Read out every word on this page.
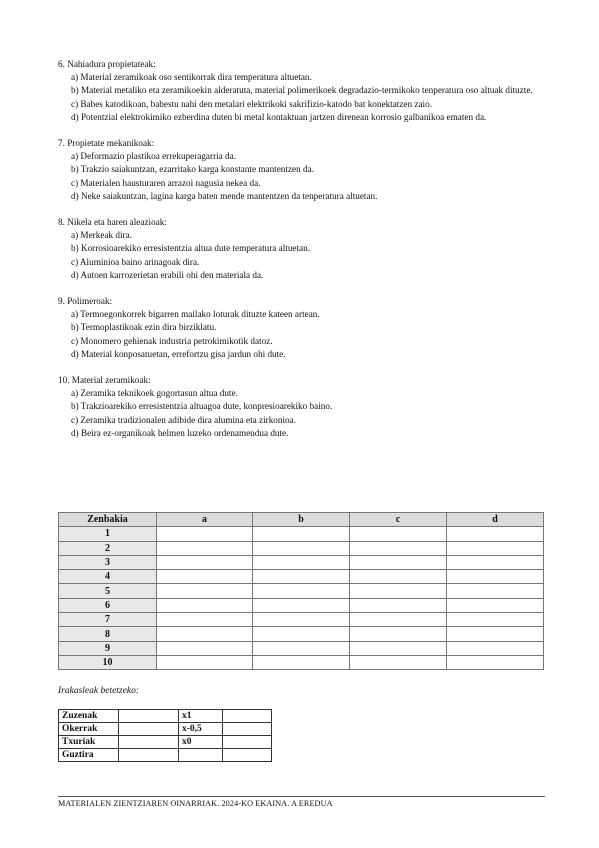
6. Nahiadura propietateak:
a) Material zeramikoak oso sentikorrak dira temperatura altuetan.
b) Material metaliko eta zeramikoekin alderatuta, material polimerikoek degradazio-termikoko tenperatura oso altuak dituzte.
c) Babes katodikoan, babestu nahi den metalari elektrikoki sakrifizio-katodo bat konektatzen zaio.
d) Potentzial elektrokimiko ezberdina duten bi metal kontaktuan jartzen direnean korrosio galbanikoa ematen da.
7. Propietate mekanikoak:
a) Deformazio plastikoa errekuperagarria da.
b) Trakzio saiakuntzan, ezarritako karga konstante mantentzen da.
c) Materialen hausturaren arrazoi nagusia nekea da.
d) Neke saiakuntzan, lagina karga baten mende mantentzen da tenperatura altuetan.
8. Nikela eta haren aleazioak:
a) Merkeak dira.
b) Korrosioarekiko erresistentzia altua dute temperatura altuetan.
c) Aluminioa baino arinagoak dira.
d) Autoen karrozerietan erabili ohi den materiala da.
9. Polimeroak:
a) Termoegonkorrek bigarren mailako loturak dituzte kateen artean.
b) Termoplastikoak ezin dira birziklatu.
c) Monomero gehienak industria petrokimikotik datoz.
d) Material konposatuetan, errefortzu gisa jardun ohi dute.
10. Material zeramikoak:
a) Zeramika teknikoek gogortasun altua dute.
b) Trakzioarekiko erresistentzia altuagoa dute, konpresioarekiko baino.
c) Zeramika tradizionalen adibide dira alumina eta zirkonioa.
d) Beira ez-organikoak helmen luzeko ordenamendua dute.
Zenbakia	a	b	c	d
1				
2				
3				
4				
5				
6				
7				
8				
9				
10				
Irakasleak betetzeko:
Zuzenak		x1	
Okerrak		x-0,5	
Txuriak		x0	
Guztira			
MATERIALEN ZIENTZIAREN OINARRIAK. 2024-KO EKAINA. A EREDUA
